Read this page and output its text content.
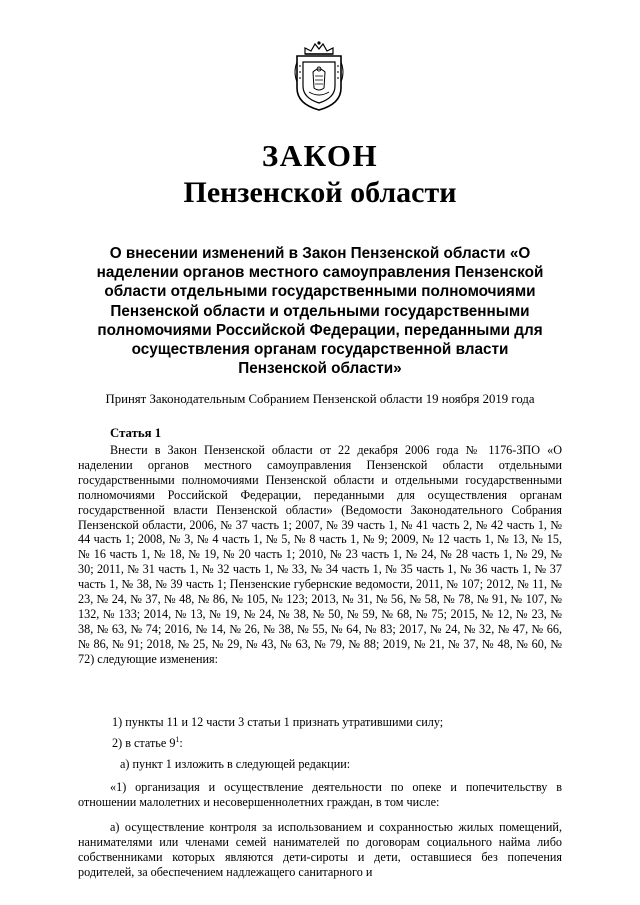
ЗАКОН
Пензенской области
О внесении изменений в Закон Пензенской области «О наделении органов местного самоуправления Пензенской области отдельными государственными полномочиями Пензенской области и отдельными государственными полномочиями Российской Федерации, переданными для осуществления органам государственной власти Пензенской области»
Принят Законодательным Собранием Пензенской области 19 ноября 2019 года
Статья 1

Внести в Закон Пензенской области от 22 декабря 2006 года № 1176-ЗПО «О наделении органов местного самоуправления Пензенской области отдельными государственными полномочиями Пензенской области и отдельными государственными полномочиями Российской Федерации, переданными для осуществления органам государственной власти Пензенской области» (Ведомости Законодательного Собрания Пензенской области, 2006, № 37 часть 1; 2007, № 39 часть 1, № 41 часть 2, № 42 часть 1, № 44 часть 1; 2008, № 3, № 4 часть 1, № 5, № 8 часть 1, № 9; 2009, № 12 часть 1, № 13, № 15, № 16 часть 1, № 18, № 19, № 20 часть 1; 2010, № 23 часть 1, № 24, № 28 часть 1, № 29, № 30; 2011, № 31 часть 1, № 32 часть 1, № 33, № 34 часть 1, № 35 часть 1, № 36 часть 1, № 37 часть 1, № 38, № 39 часть 1; Пензенские губернские ведомости, 2011, № 107; 2012, № 11, № 23, № 24, № 37, № 48, № 86, № 105, № 123; 2013, № 31, № 56, № 58, № 78, № 91, № 107, № 132, № 133; 2014, № 13, № 19, № 24, № 38, № 50, № 59, № 68, № 75; 2015, № 12, № 23, № 38, № 63, № 74; 2016, № 14, № 26, № 38, № 55, № 64, № 83; 2017, № 24, № 32, № 47, № 66, № 86, № 91; 2018, № 25, № 29, № 43, № 63, № 79, № 88; 2019, № 21, № 37, № 48, № 60, № 72) следующие изменения:

1) пункты 11 и 12 части 3 статьи 1 признать утратившими силу;
2) в статье $9^1$:
а) пункт 1 изложить в следующей редакции:
«1) организация и осуществление деятельности по опеке и попечительству в отношении малолетних и несовершеннолетних граждан, в том числе:
а) осуществление контроля за использованием и сохранностью жилых помещений, нанимателями или членами семей нанимателей по договорам социального найма либо собственниками которых являются дети-сироты и дети, оставшиеся без попечения родителей, за обеспечением надлежащего санитарного и
